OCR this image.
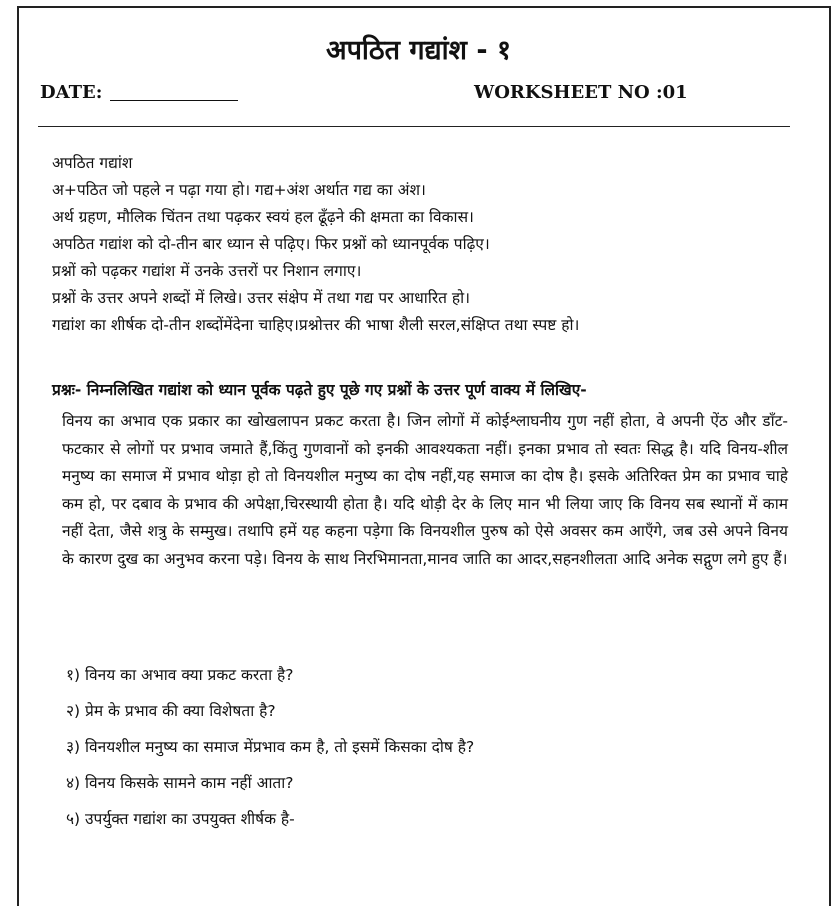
अपठित गद्यांश - १
DATE:	WORKSHEET NO :01
अपठित गद्यांश
अ+पठित जो पहले न पढ़ा गया हो। गद्य+अंश अर्थात गद्य का अंश।
अर्थ ग्रहण, मौलिक चिंतन तथा पढ़कर स्वयं हल ढूँढ़ने की क्षमता का विकास।
अपठित गद्यांश को दो-तीन बार ध्यान से पढ़िए। फिर प्रश्नों को ध्यानपूर्वक पढ़िए।
प्रश्नों को पढ़कर गद्यांश में उनके उत्तरों पर निशान लगाए।
प्रश्नों के उत्तर अपने शब्दों में लिखे। उत्तर संक्षेप में तथा गद्य पर आधारित हो।
गद्यांश का शीर्षक दो-तीन शब्दोंमेंदेना चाहिए।प्रश्नोत्तर की भाषा शैली सरल,संक्षिप्त तथा स्पष्ट हो।
प्रश्नः- निम्नलिखित गद्यांश को ध्यान पूर्वक पढ़ते हुए पूछे गए प्रश्नों के उत्तर पूर्ण वाक्य में लिखिए-
विनय का अभाव एक प्रकार का खोखलापन प्रकट करता है। जिन लोगों में कोईश्लाघनीय गुण नहीं होता, वे अपनी ऐंठ और डाँट-फटकार से लोगों पर प्रभाव जमाते हैं,किंतु गुणवानों को इनकी आवश्यकता नहीं। इनका प्रभाव तो स्वतः सिद्ध है। यदि विनय-शील मनुष्य का समाज में प्रभाव थोड़ा हो तो विनयशील मनुष्य का दोष नहीं,यह समाज का दोष है। इसके अतिरिक्त प्रेम का प्रभाव चाहे कम हो, पर दबाव के प्रभाव की अपेक्षा,चिरस्थायी होता है। यदि थोड़ी देर के लिए मान भी लिया जाए कि विनय सब स्थानों में काम नहीं देता, जैसे शत्रु के सम्मुख। तथापि हमें यह कहना पड़ेगा कि विनयशील पुरुष को ऐसे अवसर कम आएँगे, जब उसे अपने विनय के कारण दुख का अनुभव करना पड़े। विनय के साथ निरभिमानता,मानव जाति का आदर,सहनशीलता आदि अनेक सद्गुण लगे हुए हैं।
१) विनय का अभाव क्या प्रकट करता है?
२) प्रेम के प्रभाव की क्या विशेषता है?
३) विनयशील मनुष्य का समाज मेंप्रभाव कम है, तो इसमें किसका दोष है?
४) विनय किसके सामने काम नहीं आता?
५) उपर्युक्त गद्यांश का उपयुक्त शीर्षक है-
